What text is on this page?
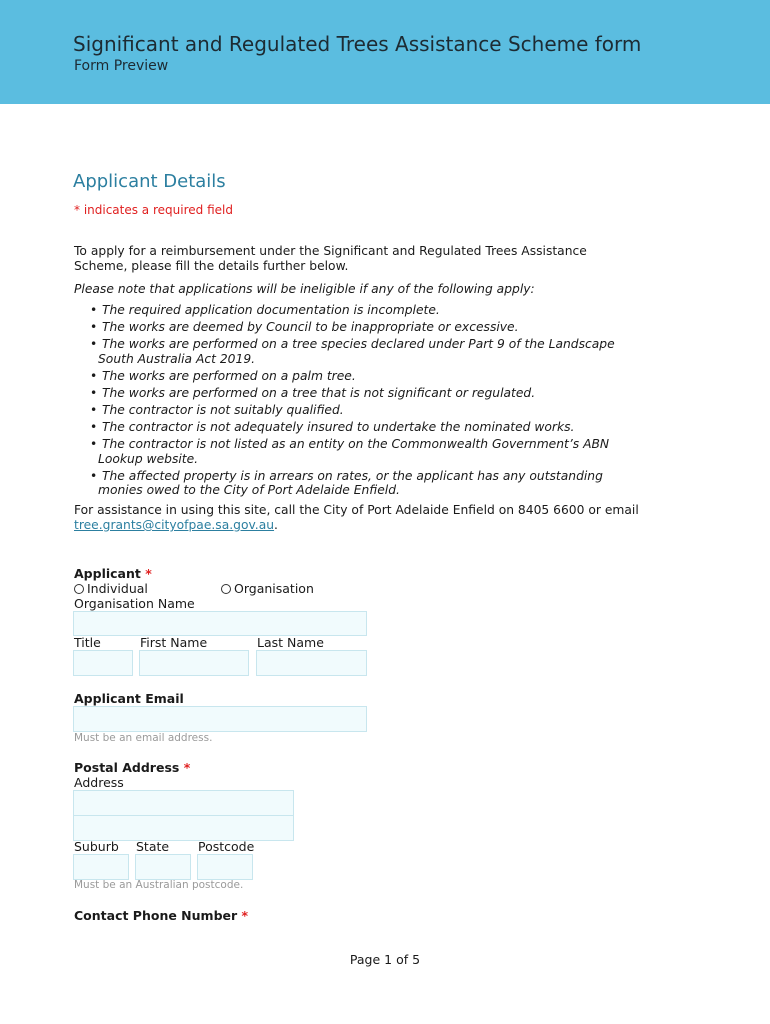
Significant and Regulated Trees Assistance Scheme form
Form Preview
Applicant Details
* indicates a required field
To apply for a reimbursement under the Significant and Regulated Trees Assistance
Scheme, please fill the details further below.
Please note that applications will be ineligible if any of the following apply:
• The required application documentation is incomplete.
• The works are deemed by Council to be inappropriate or excessive.
• The works are performed on a tree species declared under Part 9 of the Landscape
South Australia Act 2019.
• The works are performed on a palm tree.
• The works are performed on a tree that is not significant or regulated.
• The contractor is not suitably qualified.
• The contractor is not adequately insured to undertake the nominated works.
• The contractor is not listed as an entity on the Commonwealth Government’s ABN
Lookup website.
• The affected property is in arrears on rates, or the applicant has any outstanding
monies owed to the City of Port Adelaide Enfield.
For assistance in using this site, call the City of Port Adelaide Enfield on 8405 6600 or email
tree.grants@cityofpae.sa.gov.au.
Applicant *
Individual	Organisation
Organisation Name
Title	First Name	Last Name
Applicant Email
Must be an email address.
Postal Address *
Address
Suburb State Postcode
Must be an Australian postcode.
Contact Phone Number *
Page 1 of 5
